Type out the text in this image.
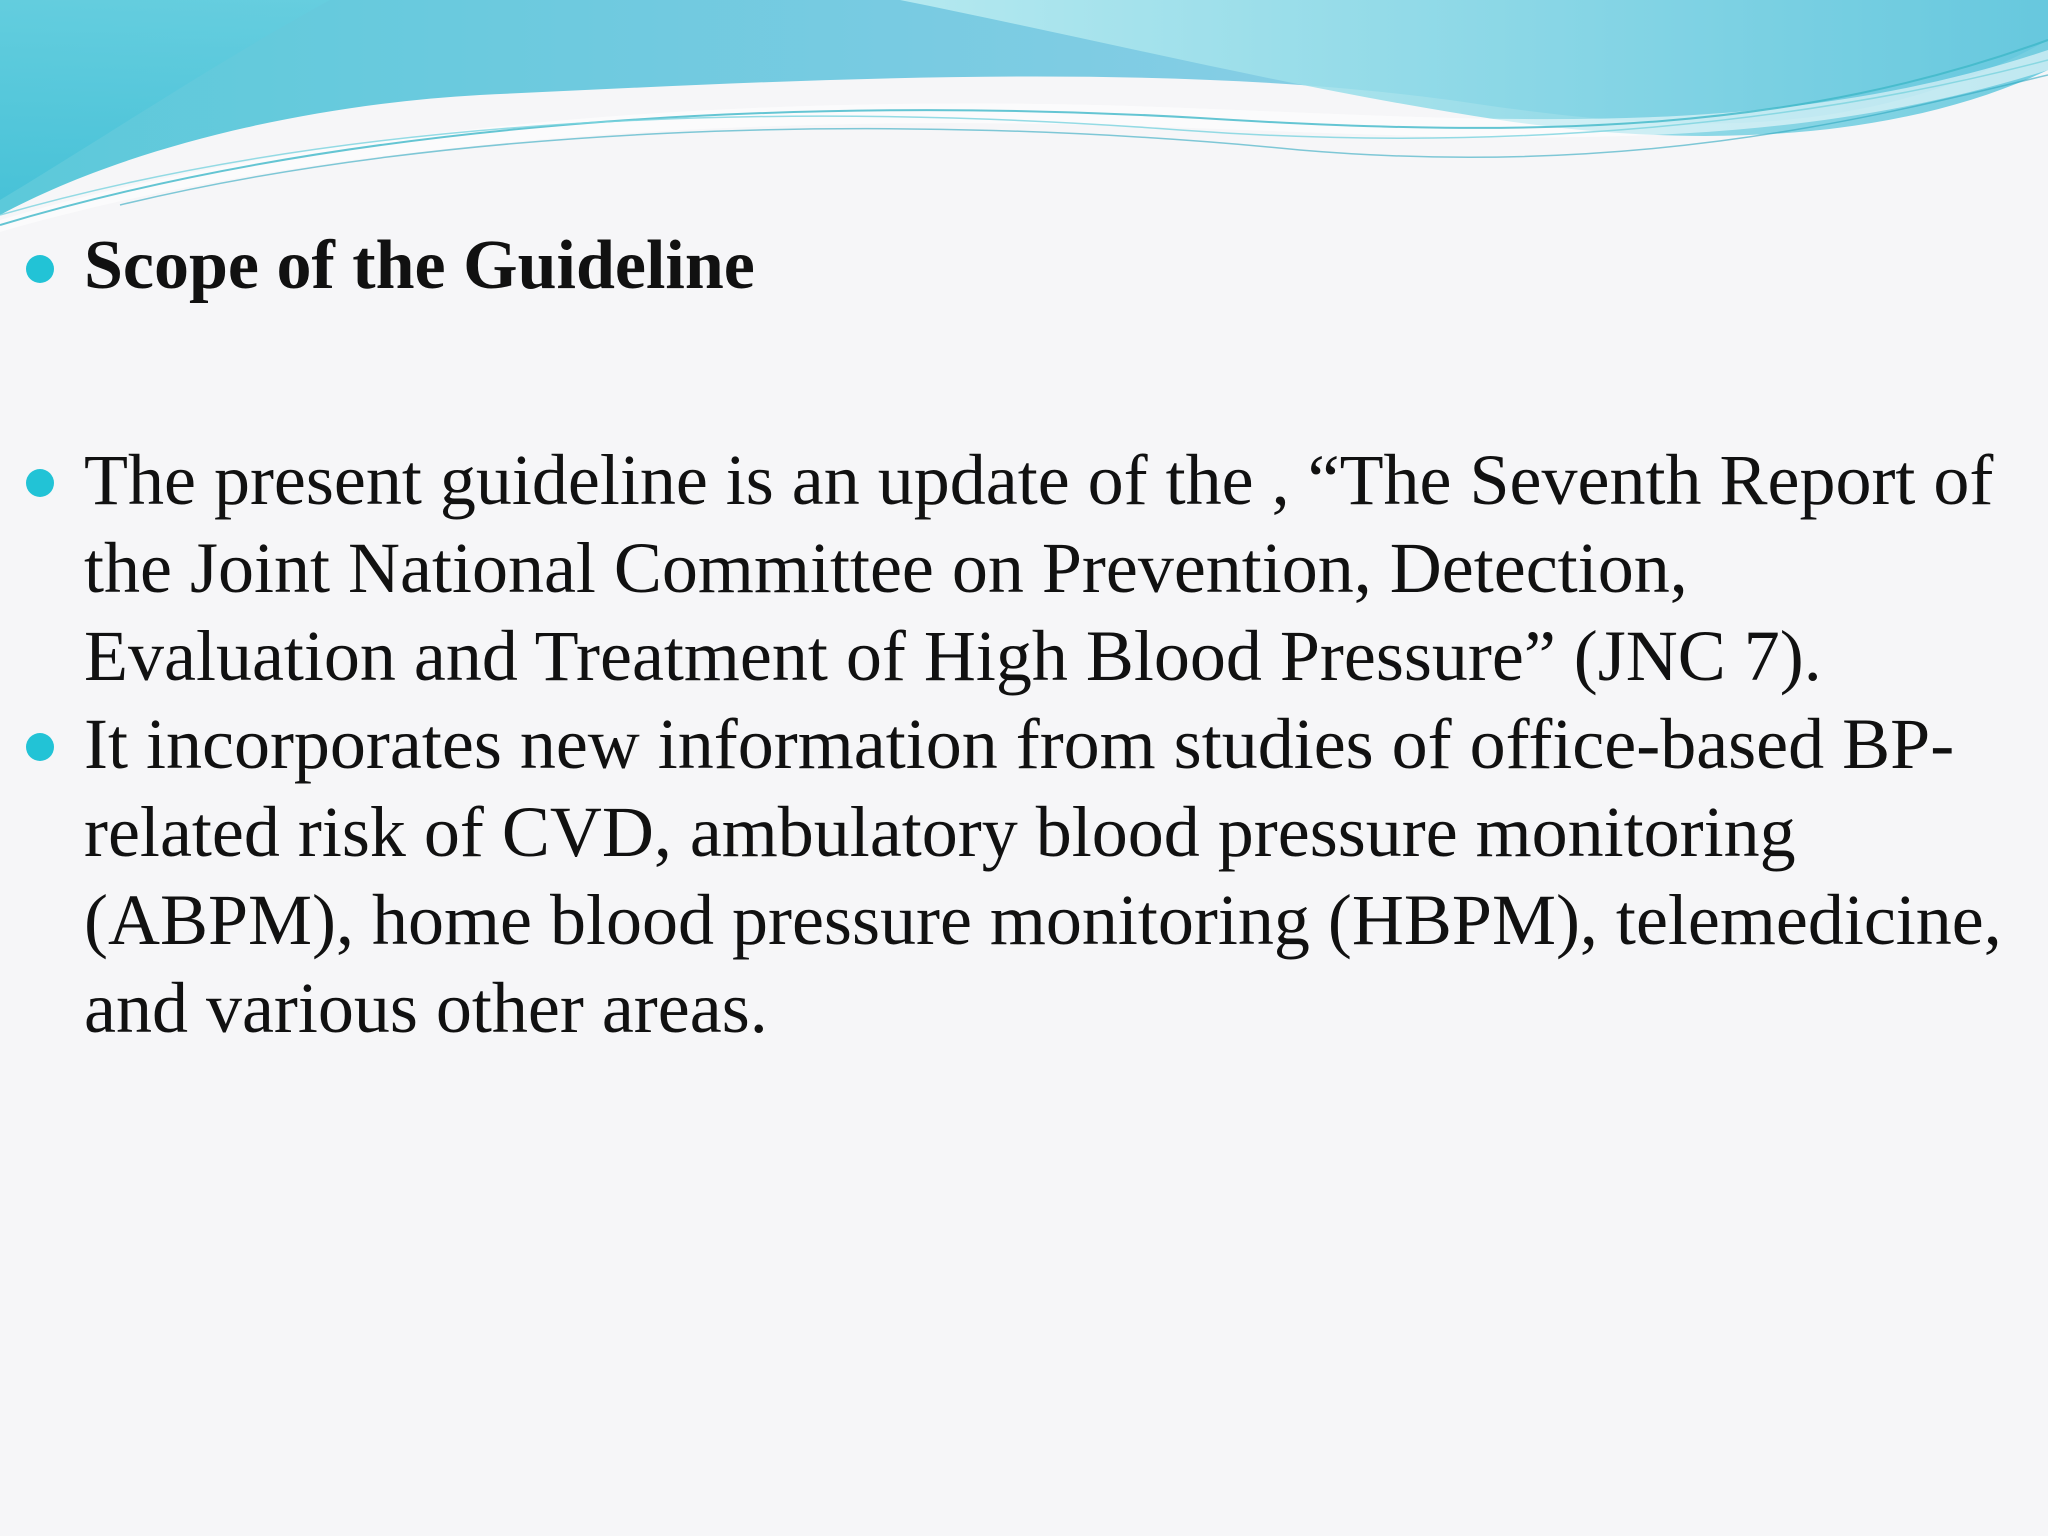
Scope of the Guideline
The present guideline is an update of the , “The Seventh Report of the Joint National Committee on Prevention, Detection, Evaluation and Treatment of High Blood Pressure” (JNC 7).
It incorporates new information from studies of office-based BP-related risk of CVD, ambulatory blood pressure monitoring (ABPM), home blood pressure monitoring (HBPM), telemedicine, and various other areas.
